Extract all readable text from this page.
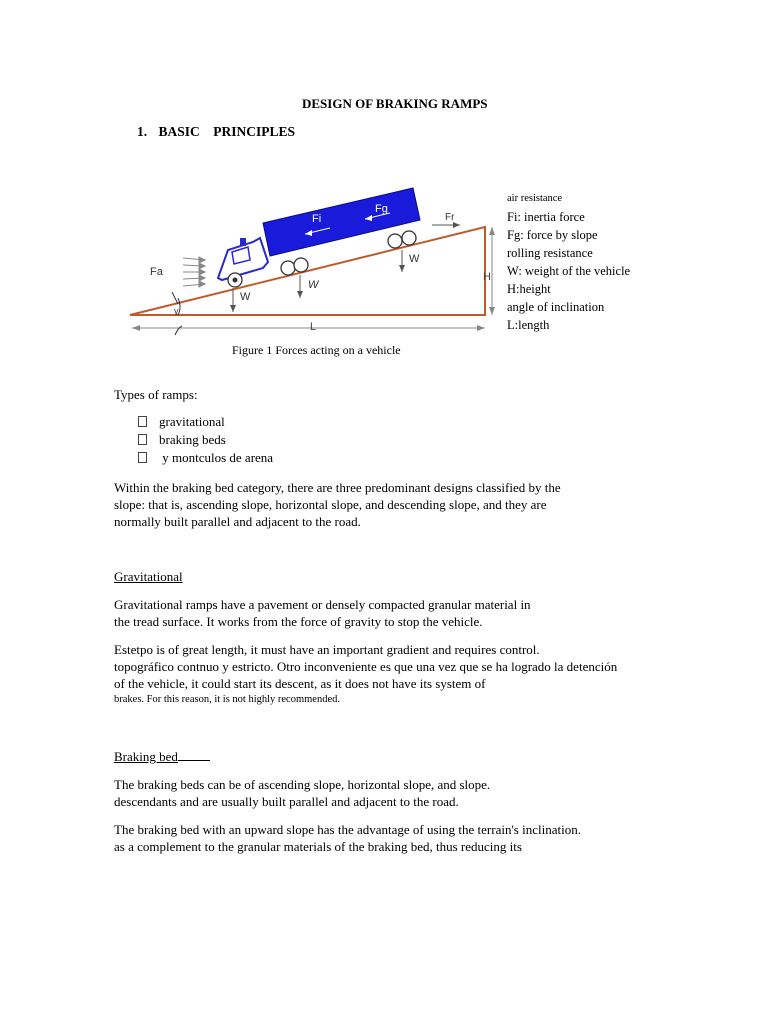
DESIGN OF BRAKING RAMPS
1. BASIC    PRINCIPLES
L
H
γ
Fi
Fg
Fr
Fa
W
W
W
air resistance
Fi: inertia force
Fg: force by slope
rolling resistance
W: weight of the vehicle
H:height
angle of inclination
L:length
Figure 1 Forces acting on a vehicle
Types of ramps:
gravitational
braking beds
y montculos de arena
Within the braking bed category, there are three predominant designs classified by the
slope: that is, ascending slope, horizontal slope, and descending slope, and they are
normally built parallel and adjacent to the road.
Gravitational
Gravitational ramps have a pavement or densely compacted granular material in
the tread surface. It works from the force of gravity to stop the vehicle.
Estetpo is of great length, it must have an important gradient and requires control.
topográfico contnuo y estricto. Otro inconveniente es que una vez que se ha logrado la detención
of the vehicle, it could start its descent, as it does not have its system of
brakes. For this reason, it is not highly recommended.
Braking bed
The braking beds can be of ascending slope, horizontal slope, and slope.
descendants and are usually built parallel and adjacent to the road.
The braking bed with an upward slope has the advantage of using the terrain's inclination.
as a complement to the granular materials of the braking bed, thus reducing its
